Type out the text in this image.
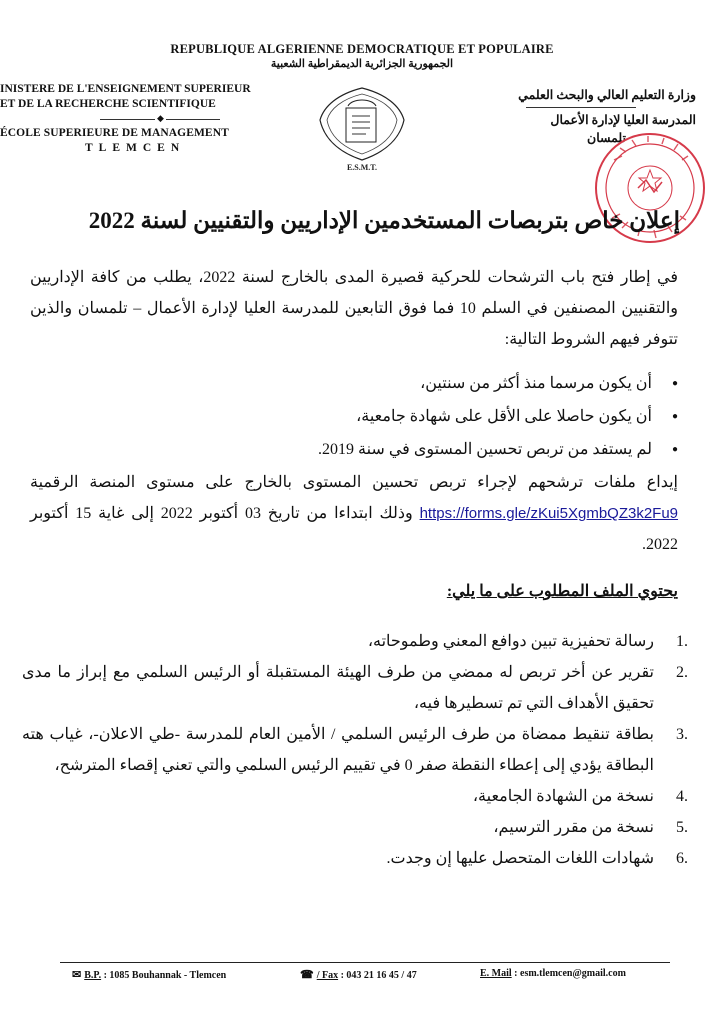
REPUBLIQUE ALGERIENNE DEMOCRATIQUE ET POPULAIRE
الجمهورية الجزائرية الديمقراطية الشعبية
INISTERE DE L'ENSEIGNEMENT SUPERIEUR
ET DE LA RECHERCHE SCIENTIFIQUE
◆
ÉCOLE SUPERIEURE DE MANAGEMENT
TLEMCEN
وزارة التعليم العالي والبحث العلمي
المدرسة العليا لإدارة الأعمال
تلمسان
E.S.M.T.
إعلان خاص بتربصات المستخدمين الإداريين والتقنيين لسنة 2022
في إطار فتح باب الترشحات للحركية قصيرة المدى بالخارج لسنة 2022، يطلب من كافة الإداريين والتقنيين المصنفين في السلم 10 فما فوق التابعين للمدرسة العليا لإدارة الأعمال – تلمسان والذين تتوفر فيهم الشروط التالية:
● أن يكون مرسما منذ أكثر من سنتين،
● أن يكون حاصلا على الأقل على شهادة جامعية،
● لم يستفد من تربص تحسين المستوى في سنة 2019.
إيداع ملفات ترشحهم لإجراء تربص تحسين المستوى بالخارج على مستوى المنصة الرقمية https://forms.gle/zKui5XgmbQZ3k2Fu9 وذلك ابتداءا من تاريخ 03 أكتوبر 2022 إلى غاية 15 أكتوبر 2022.
يحتوي الملف المطلوب على ما يلي:
1.
رسالة تحفيزية تبين دوافع المعني وطموحاته،
2.
تقرير عن أخر تربص له ممضي من طرف الهيئة المستقبلة أو الرئيس السلمي مع إبراز ما مدى تحقيق الأهداف التي تم تسطيرها فيه،
3.
بطاقة تنقيط ممضاة من طرف الرئيس السلمي / الأمين العام للمدرسة -طي الاعلان-، غياب هته البطاقة يؤدي إلى إعطاء النقطة صفر 0 في تقييم الرئيس السلمي والتي تعني إقصاء المترشح،
4.
نسخة من الشهادة الجامعية،
5.
نسخة من مقرر الترسيم،
6.
شهادات اللغات المتحصل عليها إن وجدت.
✉ B.P. : 1085 Bouhannak - Tlemcen	☎ / Fax : 043 21 16 45 / 47	E. Mail : esm.tlemcen@gmail.com
